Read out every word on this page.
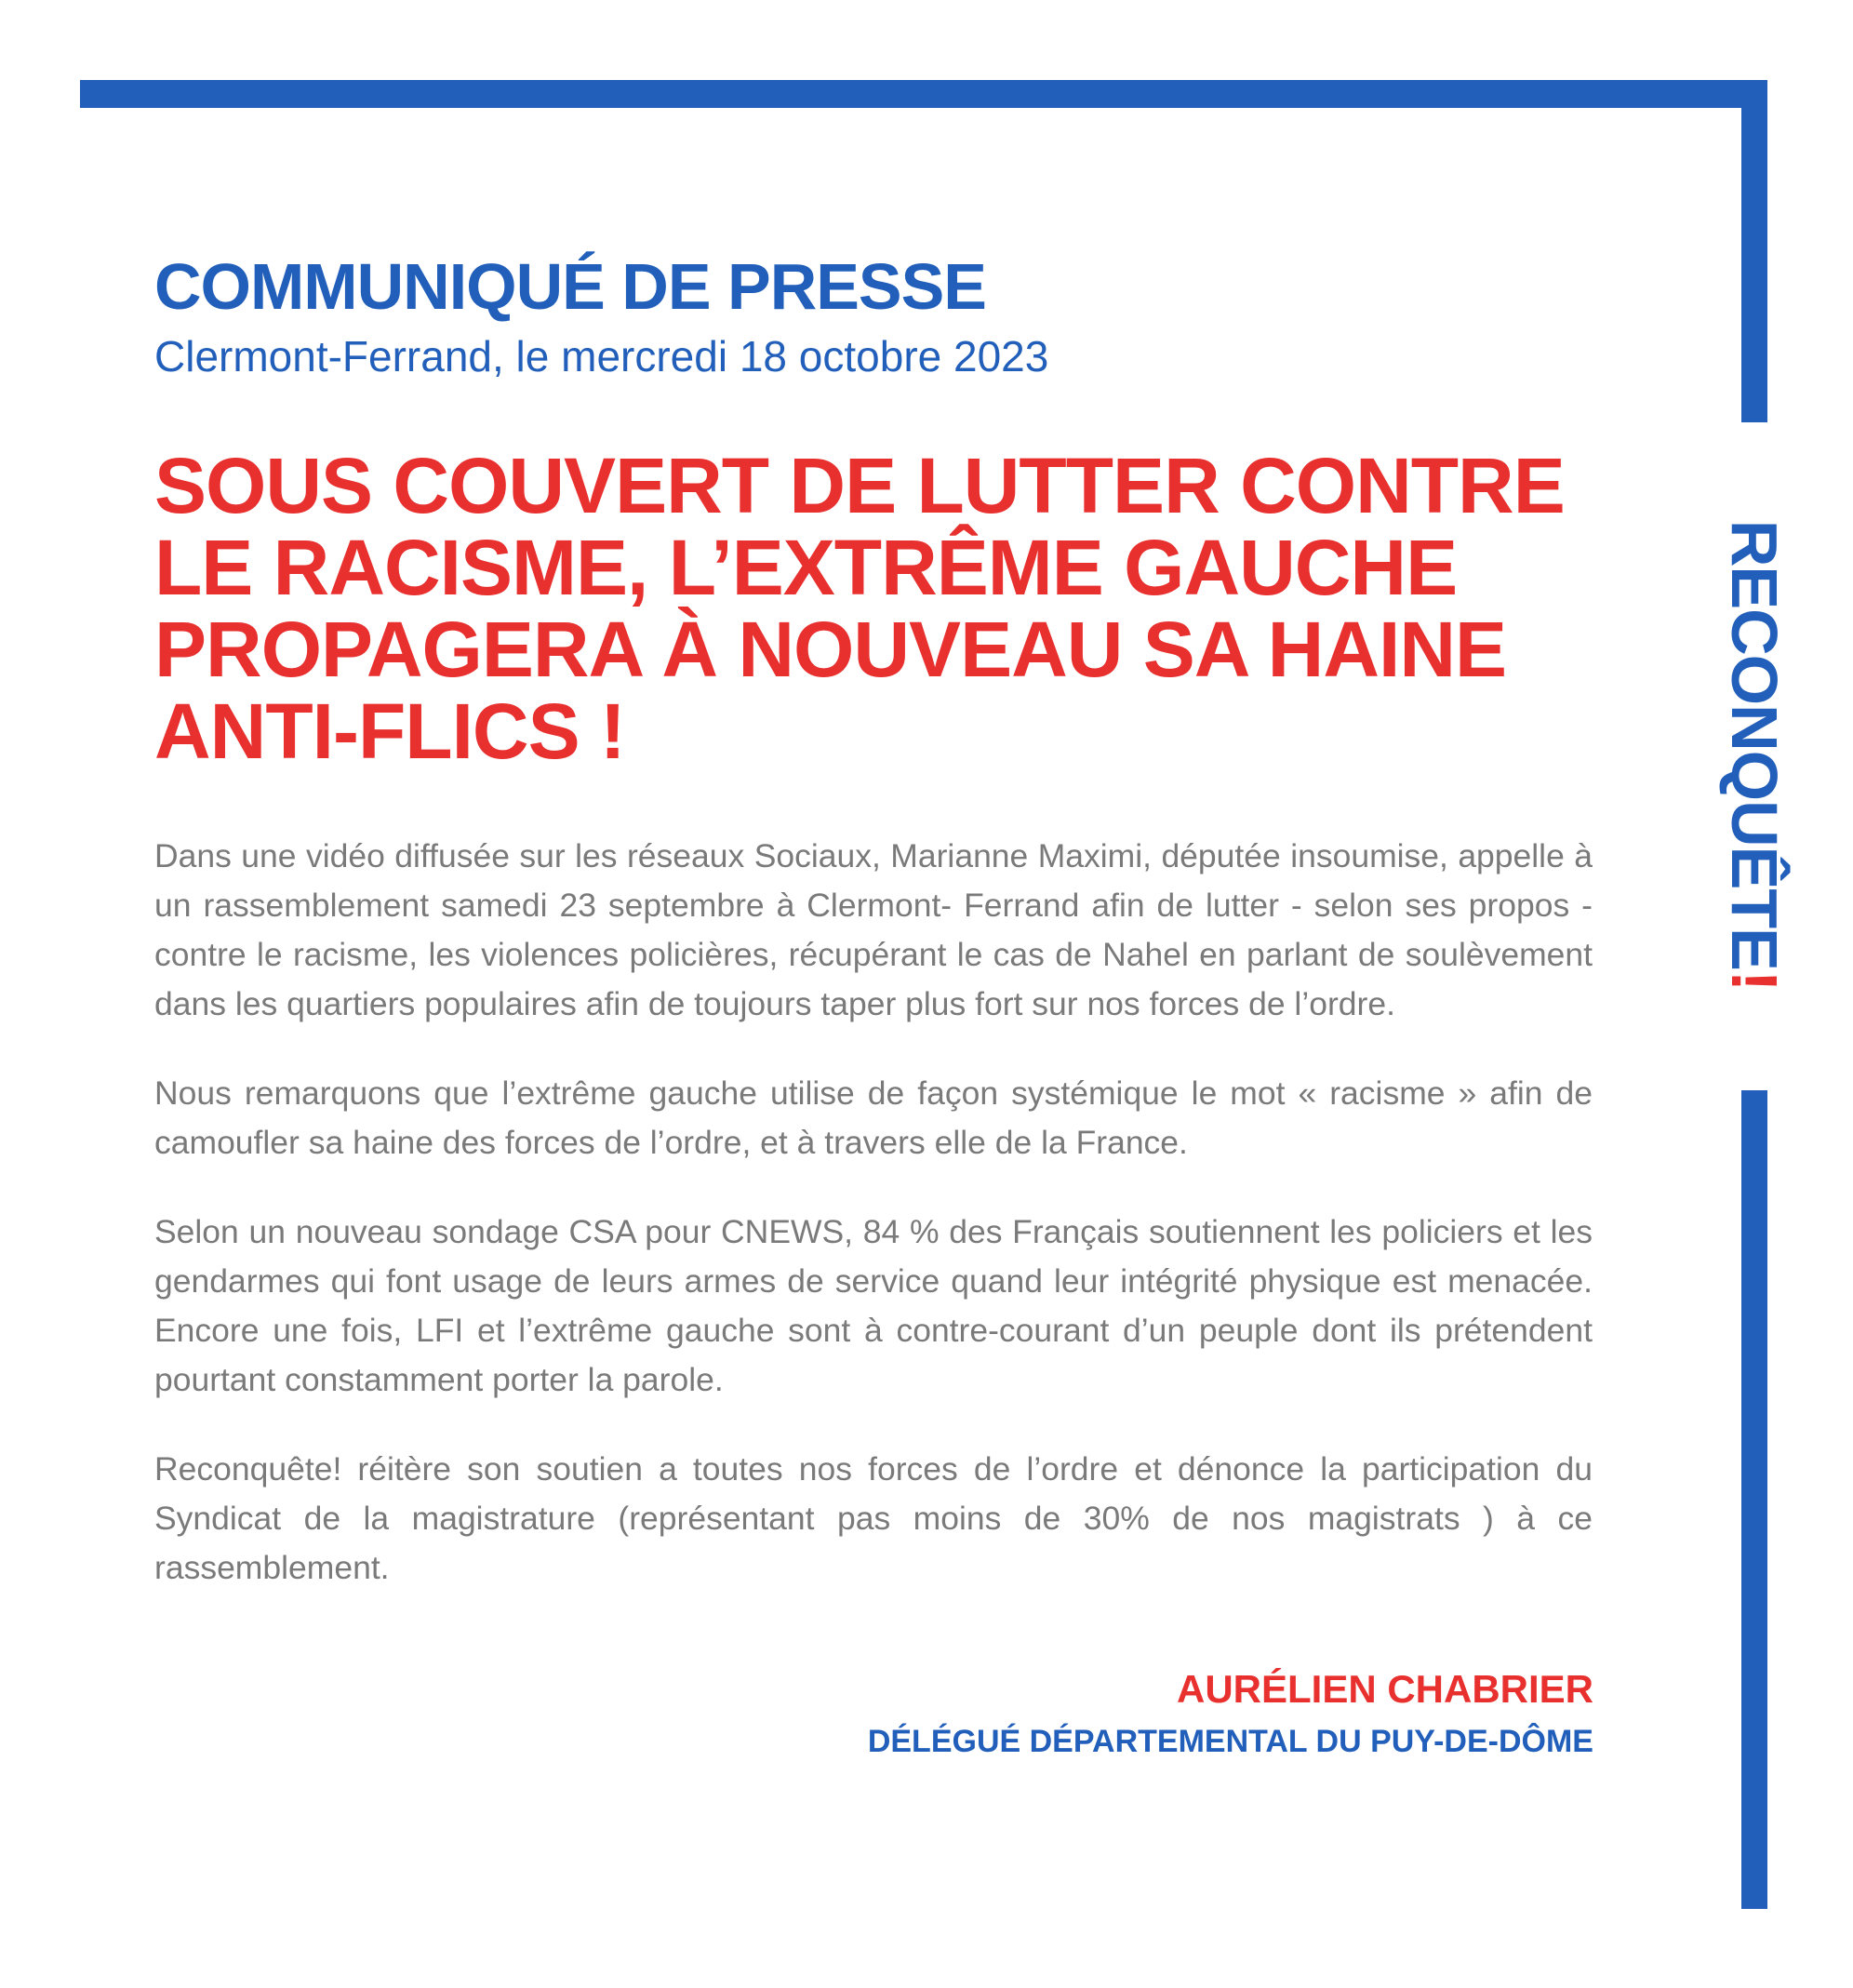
RECONQUÊTE!
COMMUNIQUÉ DE PRESSE
Clermont-Ferrand, le mercredi 18 octobre 2023
SOUS COUVERT DE LUTTER CONTRE LE RACISME, L’EXTRÊME GAUCHE PROPAGERA À NOUVEAU SA HAINE ANTI-FLICS !

Dans une vidéo diffusée sur les réseaux Sociaux, Marianne Maximi, députée insoumise, appelle à un rassemblement samedi 23 septembre à Clermont- Ferrand afin de lutter - selon ses propos - contre le racisme, les violences policières, récupérant le cas de Nahel en parlant de soulèvement dans les quartiers populaires afin de toujours taper plus fort sur nos forces de l’ordre.

Nous remarquons que l’extrême gauche utilise de façon systémique le mot « racisme » afin de camoufler sa haine des forces de l’ordre, et à travers elle de la France.

Selon un nouveau sondage CSA pour CNEWS, 84 % des Français soutiennent les policiers et les gendarmes qui font usage de leurs armes de service quand leur intégrité physique est menacée. Encore une fois, LFI et l’extrême gauche sont à contre-courant d’un peuple dont ils prétendent pourtant constamment porter la parole.

Reconquête! réitère son soutien a toutes nos forces de l’ordre et dénonce la participation du Syndicat de la magistrature (représentant pas moins de 30% de nos magistrats ) à ce rassemblement.

AURÉLIEN CHABRIER
DÉLÉGUÉ DÉPARTEMENTAL DU PUY-DE-DÔME
